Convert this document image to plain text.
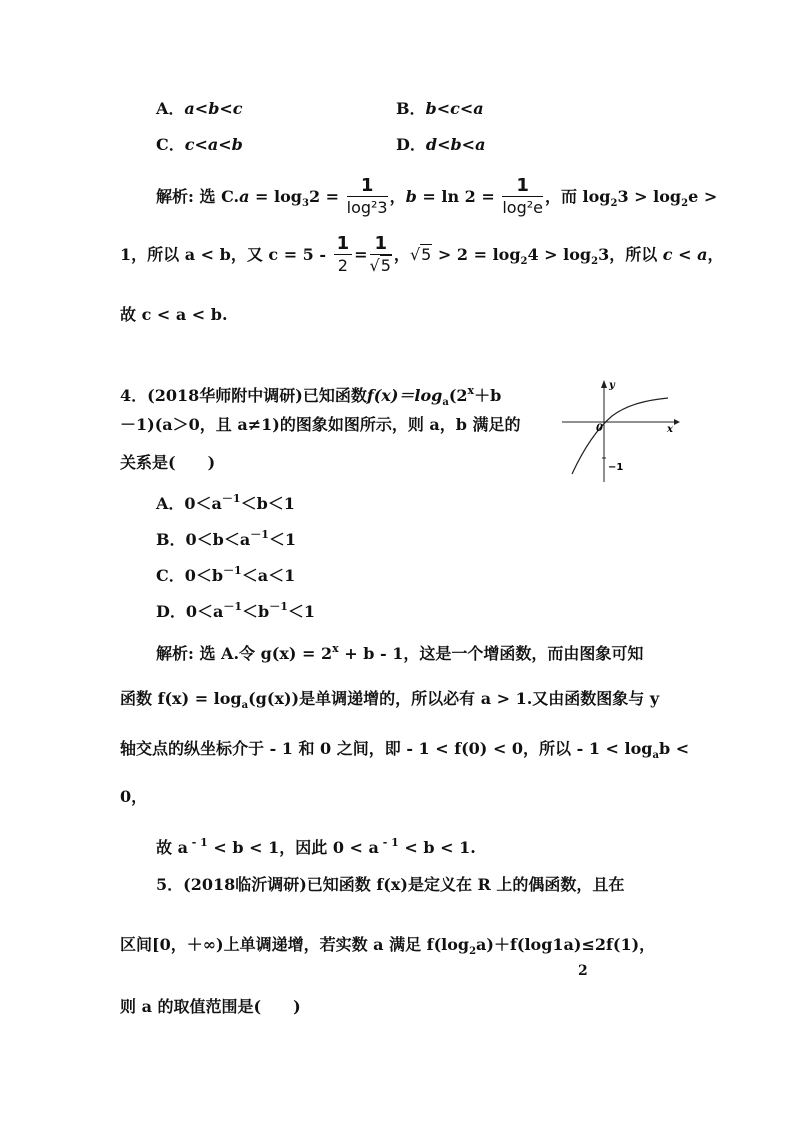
A．a<b<c	B．b<c<a
C．c<a<b	D．d<b<a
解析: 选 $C.a = \log_32 = \frac{1}{\text{log²3}}$ ，$b = \ln 2 = \frac{1}{\text{log²e}}$ ，而 $\log_23 > \log_2e$ >
1，所以 a < b，又 $c = 5 - \frac{1}{2} = \frac{1}{√5}$ ，$√5 > 2 = \log_24 > \log_23$，所以 c < a，
故 c < a < b.
4．(2018华师附中调研)已知函数$f(x)=\log_a(2^x+b$
－1)(a＞0，且 a≠1)的图象如图所示，则 a，b 满足的
关系是(　　)
y
x
0
−1
A．$0<a^{-1}<b<1$
B．$0<b<a^{-1}<1$
C．$0<b^{-1}<a<1$
D．$0<a^{-1}<b^{-1}<1$
解析: 选 A.令 $g(x) = 2^x + b - 1$，这是一个增函数，而由图象可知
函数 $f(x) = \log_a(g(x))$是单调递增的，所以必有 a > 1.又由函数图象与 y
轴交点的纵坐标介于 - 1 和 0 之间，即 - 1 < f(0) < 0，所以 - $1 < \log_ab$ <
0，
故 a $^{- 1}$ < b < 1，因此 0 < a $^{- 1}$ < b < 1.
5．(2018临沂调研)已知函数 f(x)是定义在 R 上的偶函数，且在
区间[0，＋∞)上单调递增，若实数 a 满足 $f(\log_2a)+f(\log 1a)\le 2f(1)$，
2
则 a 的取值范围是(　　)
